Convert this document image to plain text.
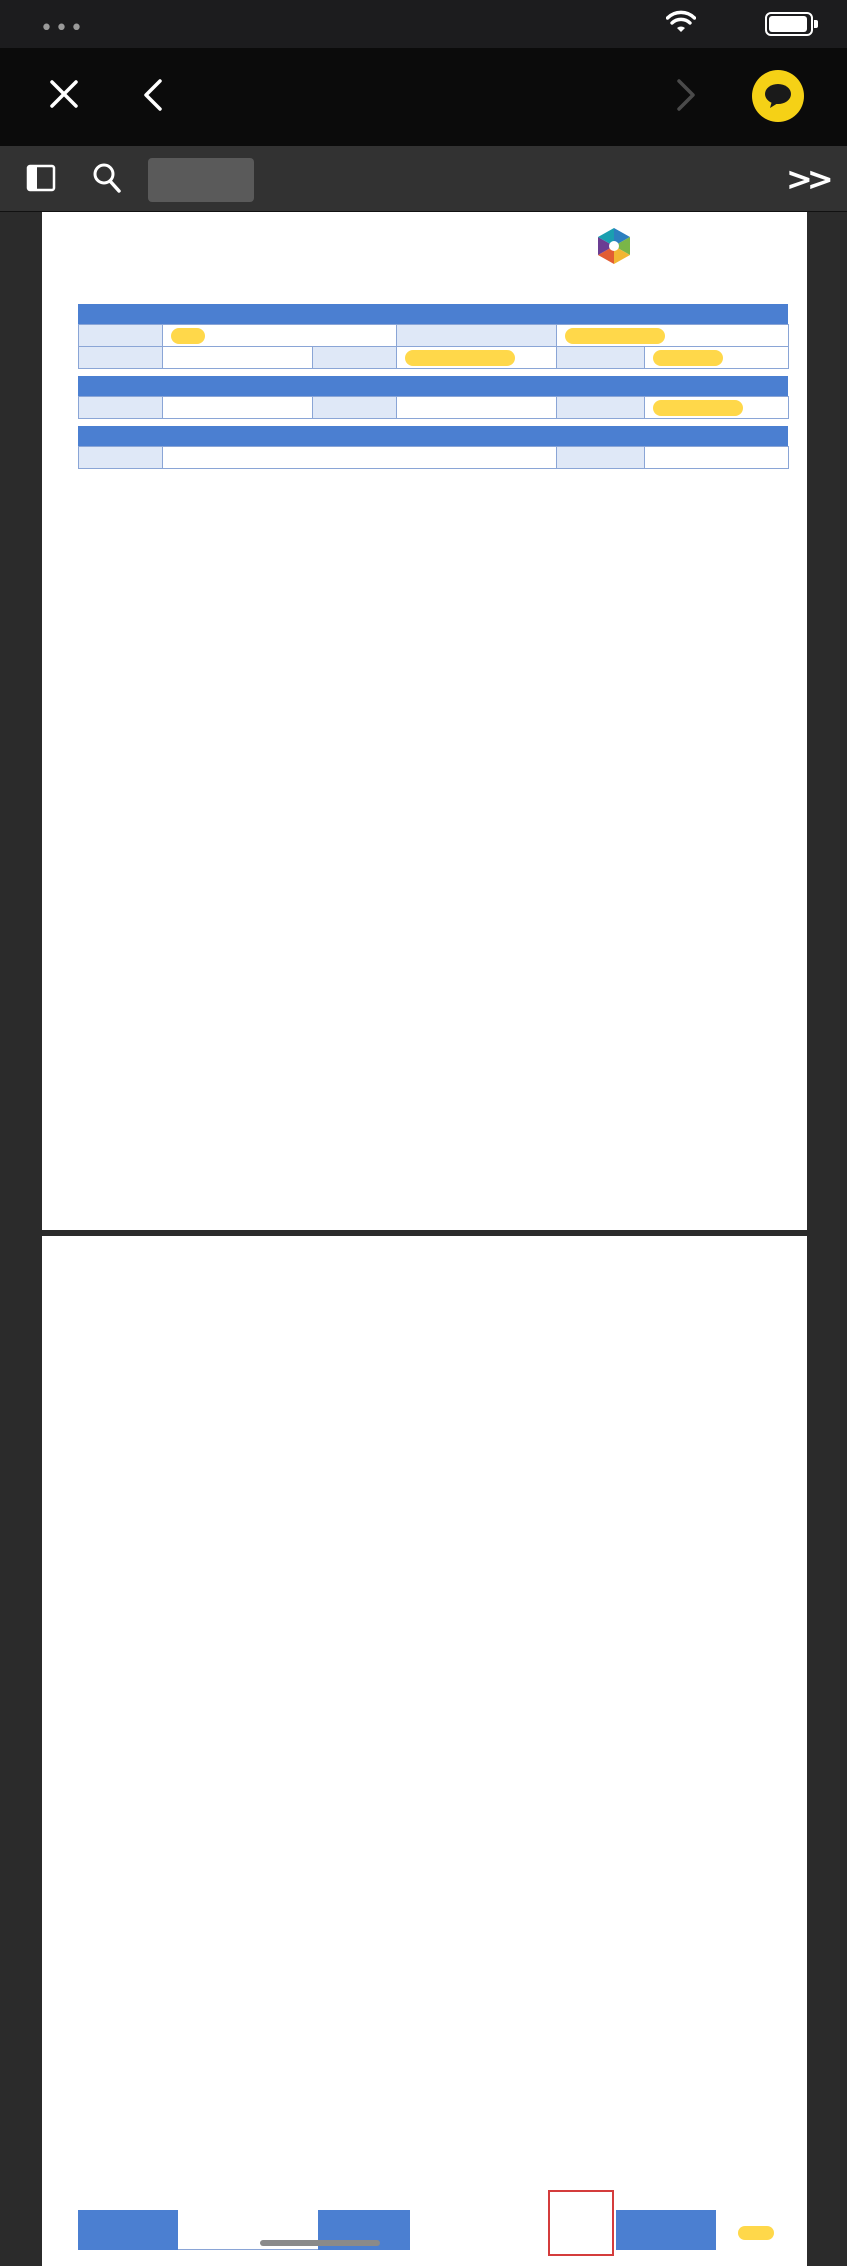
•••
>>
